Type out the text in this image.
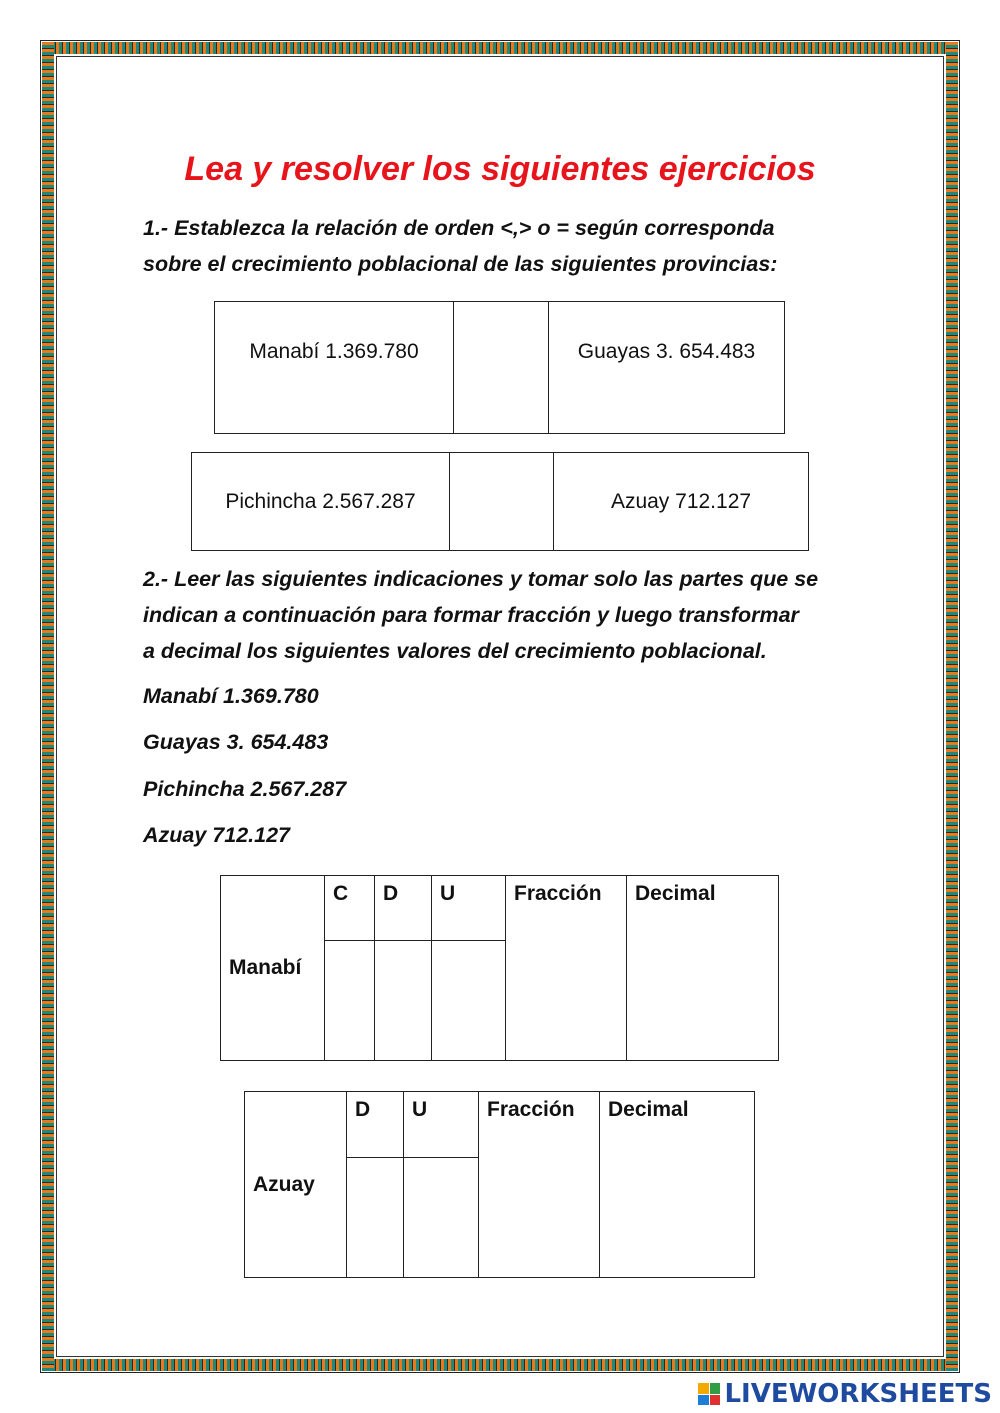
Lea y resolver los siguientes ejercicios
1.- Establezca la relación de orden <,> o = según corresponda
sobre el crecimiento poblacional de las siguientes provincias:
Manabí 1.369.780		Guayas 3. 654.483
Pichincha 2.567.287		Azuay 712.127
2.- Leer las siguientes indicaciones y tomar solo las partes que se
indican a continuación para formar fracción y luego transformar
a decimal los siguientes valores del crecimiento poblacional.
Manabí 1.369.780
Guayas 3. 654.483
Pichincha 2.567.287
Azuay 712.127
Manabí	C	D	U	Fracción	Decimal

Azuay	D	U	Fracción	Decimal

LIVEWORKSHEETS
